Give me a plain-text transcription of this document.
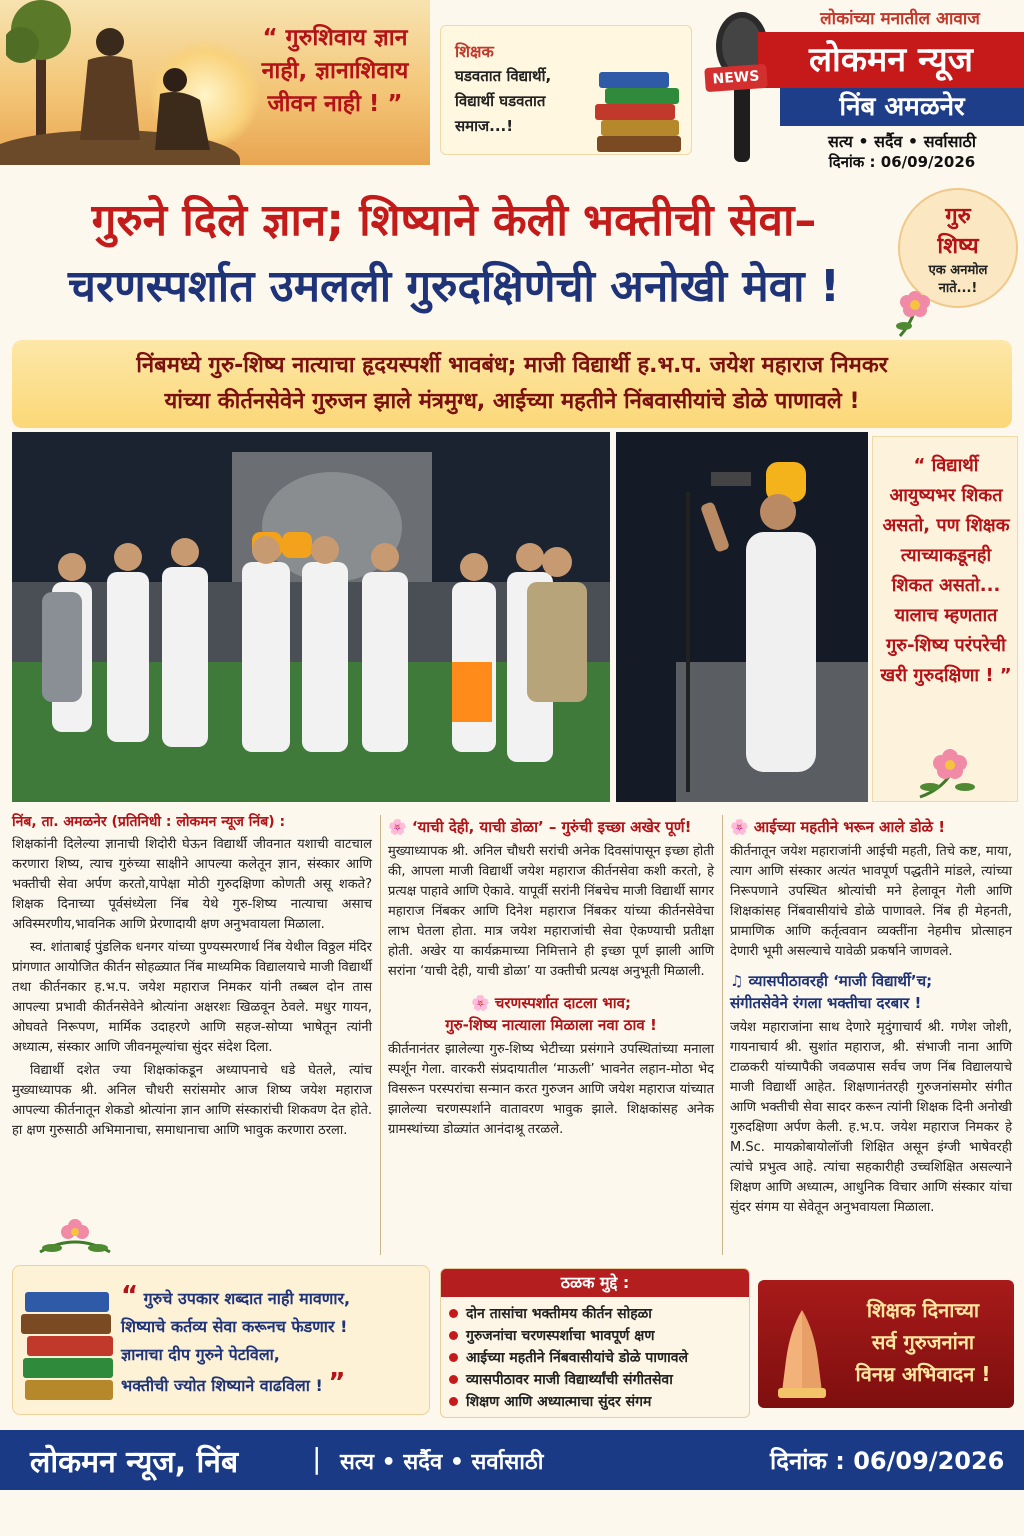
“ गुरुशिवाय ज्ञान नाही, ज्ञानाशिवाय जीवन नाही ! ”
शिक्षक
घडवतात विद्यार्थी, विद्यार्थी घडवतात समाज...!
लोकांच्या मनातील आवाज
लोकमन न्यूज
निंब अमळनेर
सत्य • सर्दैव • सर्वासाठी
दिनांक : 06/09/2026
NEWS
गुरुने दिले ज्ञान; शिष्याने केली भक्तीची सेवा–
चरणस्पर्शात उमलली गुरुदक्षिणेची अनोखी मेवा !
गुरु
शिष्य
एक अनमोल
नाते...!
निंबमध्ये गुरु-शिष्य नात्याचा हृदयस्पर्शी भावबंध; माजी विद्यार्थी ह.भ.प. जयेश महाराज निमकर
यांच्या कीर्तनसेवेने गुरुजन झाले मंत्रमुग्ध, आईच्या महतीने निंबवासीयांचे डोळे पाणावले !
“ विद्यार्थी आयुष्यभर शिकत असतो, पण शिक्षक त्याच्याकडूनही शिकत असतो... यालाच म्हणतात गुरु-शिष्य परंपरेची खरी गुरुदक्षिणा ! ”

निंब, ता. अमळनेर (प्रतिनिधी : लोकमन न्यूज निंब) :

शिक्षकांनी दिलेल्या ज्ञानाची शिदोरी घेऊन विद्यार्थी जीवनात यशाची वाटचाल करणारा शिष्य, त्याच गुरुंच्या साक्षीने आपल्या कलेतून ज्ञान, संस्कार आणि भक्तीची सेवा अर्पण करतो,यापेक्षा मोठी गुरुदक्षिणा कोणती असू शकते? शिक्षक दिनाच्या पूर्वसंध्येला निंब येथे गुरु-शिष्य नात्याचा असाच अविस्मरणीय,भावनिक आणि प्रेरणादायी क्षण अनुभवायला मिळाला.

स्व. शांताबाई पुंडलिक धनगर यांच्या पुण्यस्मरणार्थ निंब येथील विठ्ठल मंदिर प्रांगणात आयोजित कीर्तन सोहळ्यात निंब माध्यमिक विद्यालयाचे माजी विद्यार्थी तथा कीर्तनकार ह.भ.प. जयेश महाराज निमकर यांनी तब्बल दोन तास आपल्या प्रभावी कीर्तनसेवेने श्रोत्यांना अक्षरशः खिळवून ठेवले. मधुर गायन, ओघवते निरूपण, मार्मिक उदाहरणे आणि सहज-सोप्या भाषेतून त्यांनी अध्यात्म, संस्कार आणि जीवनमूल्यांचा सुंदर संदेश दिला.

विद्यार्थी दशेत ज्या शिक्षकांकडून अध्यापनाचे धडे घेतले, त्यांच मुख्याध्यापक श्री. अनिल चौधरी सरांसमोर आज शिष्य जयेश महाराज आपल्या कीर्तनातून शेकडो श्रोत्यांना ज्ञान आणि संस्कारांची शिकवण देत होते. हा क्षण गुरुसाठी अभिमानाचा, समाधानाचा आणि भावुक करणारा ठरला.

🌸 ‘याची देही, याची डोळा’ – गुरुंची इच्छा अखेर पूर्ण!

मुख्याध्यापक श्री. अनिल चौधरी सरांची अनेक दिवसांपासून इच्छा होती की, आपला माजी विद्यार्थी जयेश महाराज कीर्तनसेवा कशी करतो, हे प्रत्यक्ष पाहावे आणि ऐकावे. यापूर्वी सरांनी निंबचेच माजी विद्यार्थी सागर महाराज निंबकर आणि दिनेश महाराज निंबकर यांच्या कीर्तनसेवेचा लाभ घेतला होता. मात्र जयेश महाराजांची सेवा ऐकण्याची प्रतीक्षा होती. अखेर या कार्यक्रमाच्या निमित्ताने ही इच्छा पूर्ण झाली आणि सरांना ‘याची देही, याची डोळा’ या उक्तीची प्रत्यक्ष अनुभूती मिळाली.

🌸 चरणस्पर्शात दाटला भाव;
गुरु-शिष्य नात्याला मिळाला नवा ठाव !

कीर्तनानंतर झालेल्या गुरु-शिष्य भेटीच्या प्रसंगाने उपस्थितांच्या मनाला स्पर्शून गेला. वारकरी संप्रदायातील ‘माऊली’ भावनेत लहान-मोठा भेद विसरून परस्परांचा सन्मान करत गुरुजन आणि जयेश महाराज यांच्यात झालेल्या चरणस्पर्शाने वातावरण भावुक झाले. शिक्षकांसह अनेक ग्रामस्थांच्या डोळ्यांत आनंदाश्रू तरळले.

🌸 आईच्या महतीने भरून आले डोळे !

कीर्तनातून जयेश महाराजांनी आईची महती, तिचे कष्ट, माया, त्याग आणि संस्कार अत्यंत भावपूर्ण पद्धतीने मांडले, त्यांच्या निरूपणाने उपस्थित श्रोत्यांची मने हेलावून गेली आणि शिक्षकांसह निंबवासीयांचे डोळे पाणावले. निंब ही मेहनती, प्रामाणिक आणि कर्तृत्ववान व्यक्तींना नेहमीच प्रोत्साहन देणारी भूमी असल्याचे यावेळी प्रकर्षाने जाणवले.

♫ व्यासपीठावरही ‘माजी विद्यार्थी’च;
संगीतसेवेने रंगला भक्तीचा दरबार !

जयेश महाराजांना साथ देणारे मृदुंगाचार्य श्री. गणेश जोशी, गायनाचार्य श्री. सुशांत महाराज, श्री. संभाजी नाना आणि टाळकरी यांच्यापैकी जवळपास सर्वच जण निंब विद्यालयाचे माजी विद्यार्थी आहेत. शिक्षणानंतरही गुरुजनांसमोर संगीत आणि भक्तीची सेवा सादर करून त्यांनी शिक्षक दिनी अनोखी गुरुदक्षिणा अर्पण केली. ह.भ.प. जयेश महाराज निमकर हे M.Sc. मायक्रोबायोलॉजी शिक्षित असून इंग्जी भाषेवरही त्यांचे प्रभुत्व आहे. त्यांचा सहकारीही उच्चशिक्षित असल्याने शिक्षण आणि अध्यात्म, आधुनिक विचार आणि संस्कार यांचा सुंदर संगम या सेवेतून अनुभवायला मिळाला.

“ गुरुचे उपकार शब्दात नाही मावणार,
शिष्याचे कर्तव्य सेवा करूनच फेडणार !
ज्ञानाचा दीप गुरुने पेटविला,
भक्तीची ज्योत शिष्याने वाढविला ! ”
ठळक मुद्दे :
दोन तासांचा भक्तीमय कीर्तन सोहळा
गुरुजनांचा चरणस्पर्शाचा भावपूर्ण क्षण
आईच्या महतीने निंबवासीयांचे डोळे पाणावले
व्यासपीठावर माजी विद्यार्थ्यांची संगीतसेवा
शिक्षण आणि अध्यात्माचा सुंदर संगम
शिक्षक दिनाच्या
सर्व गुरुजनांना
विनम्र अभिवादन !
लोकमन न्यूज, निंब	| सत्य • सर्दैव • सर्वासाठी	दिनांक : 06/09/2026
